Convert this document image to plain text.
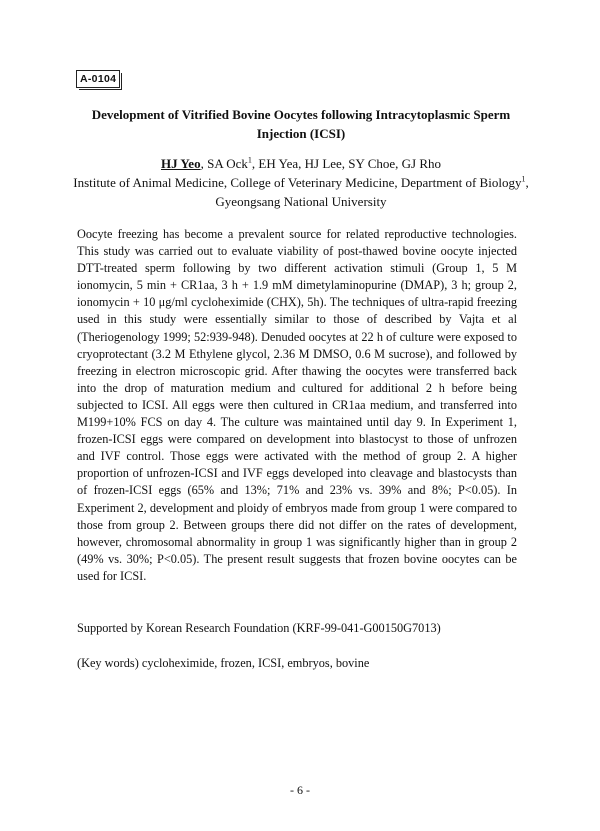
A-0104
Development of Vitrified Bovine Oocytes following Intracytoplasmic Sperm Injection (ICSI)
HJ Yeo, SA Ock$^1$, EH Yea, HJ Lee, SY Choe, GJ Rho
Institute of Animal Medicine, College of Veterinary Medicine, Department of Biology$^1$, Gyeongsang National University
Oocyte freezing has become a prevalent source for related reproductive technologies. This study was carried out to evaluate viability of post-thawed bovine oocyte injected DTT-treated sperm following by two different activation stimuli (Group 1, 5 M ionomycin, 5 min + CR1aa, 3 h + 1.9 mM dimetylaminopurine (DMAP), 3 h; group 2, ionomycin + 10 μg/ml cycloheximide (CHX), 5h). The techniques of ultra-rapid freezing used in this study were essentially similar to those of described by Vajta et al (Theriogenology 1999; 52:939-948). Denuded oocytes at 22 h of culture were exposed to cryoprotectant (3.2 M Ethylene glycol, 2.36 M DMSO, 0.6 M sucrose), and followed by freezing in electron microscopic grid. After thawing the oocytes were transferred back into the drop of maturation medium and cultured for additional 2 h before being subjected to ICSI. All eggs were then cultured in CR1aa medium, and transferred into M199+10% FCS on day 4. The culture was maintained until day 9. In Experiment 1, frozen-ICSI eggs were compared on development into blastocyst to those of unfrozen and IVF control. Those eggs were activated with the method of group 2. A higher proportion of unfrozen-ICSI and IVF eggs developed into cleavage and blastocysts than of frozen-ICSI eggs (65% and 13%; 71% and 23% vs. 39% and 8%; P<0.05). In Experiment 2, development and ploidy of embryos made from group 1 were compared to those from group 2. Between groups there did not differ on the rates of development, however, chromosomal abnormality in group 1 was significantly higher than in group 2 (49% vs. 30%; P<0.05). The present result suggests that frozen bovine oocytes can be used for ICSI.
Supported by Korean Research Foundation (KRF-99-041-G00150G7013)
(Key words) cycloheximide, frozen, ICSI, embryos, bovine
- 6 -
